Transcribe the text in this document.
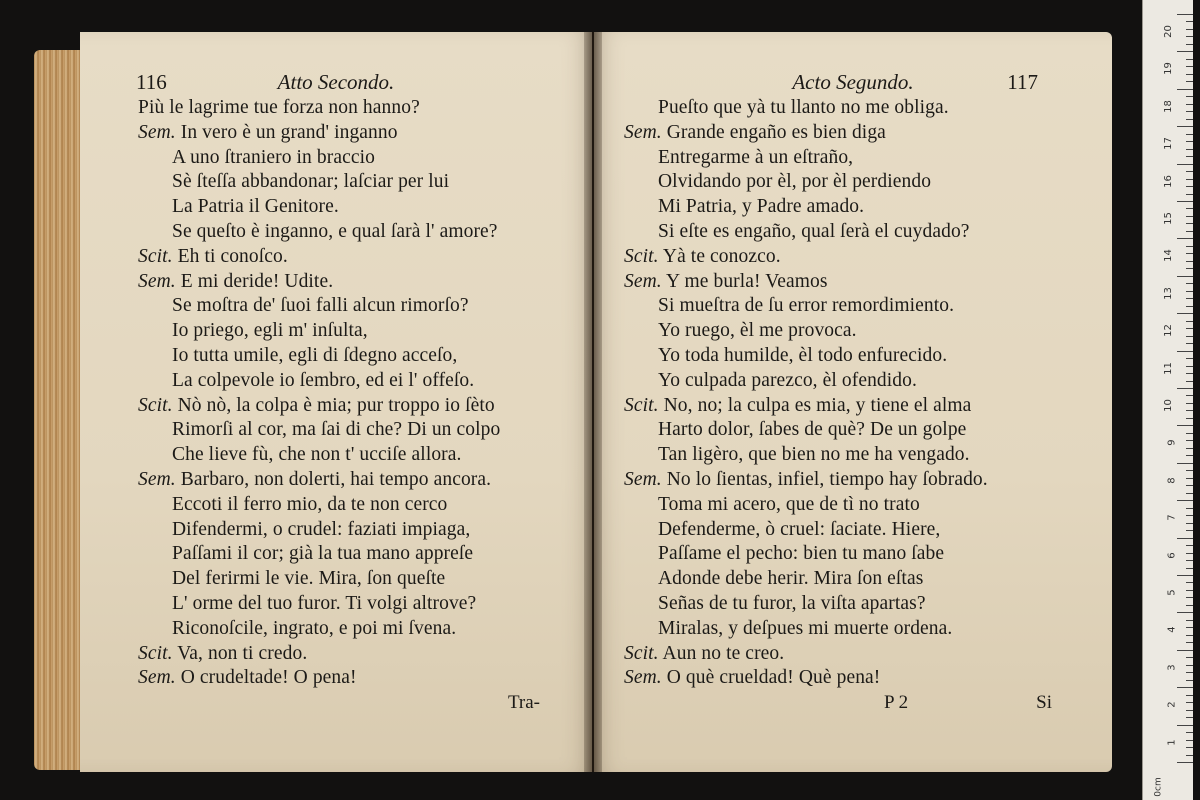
116	Atto Secondo.
Più le lagrime tue forza non hanno?
Sem. In vero è un grand' inganno
A uno ſtraniero in braccio
Sè ſteſſa abbandonar; laſciar per lui
La Patria il Genitore.
Se queſto è inganno, e qual ſarà l' amore?
Scit. Eh ti conoſco.
Sem. E mi deride! Udite.
Se moſtra de' ſuoi falli alcun rimorſo?
Io priego, egli m' inſulta,
Io tutta umile, egli di ſdegno acceſo,
La colpevole io ſembro, ed ei l' offeſo.
Scit. Nò nò, la colpa è mia; pur troppo io ſèto
Rimorſi al cor, ma ſai di che? Di un colpo
Che lieve fù, che non t' ucciſe allora.
Sem. Barbaro, non dolerti, hai tempo ancora.
Eccoti il ferro mio, da te non cerco
Difendermi, o crudel: faziati impiaga,
Paſſami il cor; già la tua mano appreſe
Del ferirmi le vie. Mira, ſon queſte
L' orme del tuo furor. Ti volgi altrove?
Riconoſcile, ingrato, e poi mi ſvena.
Scit. Va, non ti credo.
Sem. O crudeltade! O pena!
Tra-
Acto Segundo.	117
Pueſto que yà tu llanto no me obliga.
Sem. Grande engaño es bien diga
Entregarme à un eſtraño,
Olvidando por èl, por èl perdiendo
Mi Patria, y Padre amado.
Si eſte es engaño, qual ſerà el cuydado?
Scit. Yà te conozco.
Sem. Y me burla! Veamos
Si mueſtra de ſu error remordimiento.
Yo ruego, èl me provoca.
Yo toda humilde, èl todo enfurecido.
Yo culpada parezco, èl ofendido.
Scit. No, no; la culpa es mia, y tiene el alma
Harto dolor, ſabes de què? De un golpe
Tan ligèro, que bien no me ha vengado.
Sem. No lo ſientas, infiel, tiempo hay ſobrado.
Toma mi acero, que de tì no trato
Defenderme, ò cruel: ſaciate. Hiere,
Paſſame el pecho: bien tu mano ſabe
Adonde debe herir. Mira ſon eſtas
Señas de tu furor, la viſta apartas?
Miralas, y deſpues mi muerte ordena.
Scit. Aun no te creo.
Sem. O què crueldad! Què pena!
P 2	Si
0cm
20
19
18
17
16
15
14
13
12
11
10
9
8
7
6
5
4
3
2
1
